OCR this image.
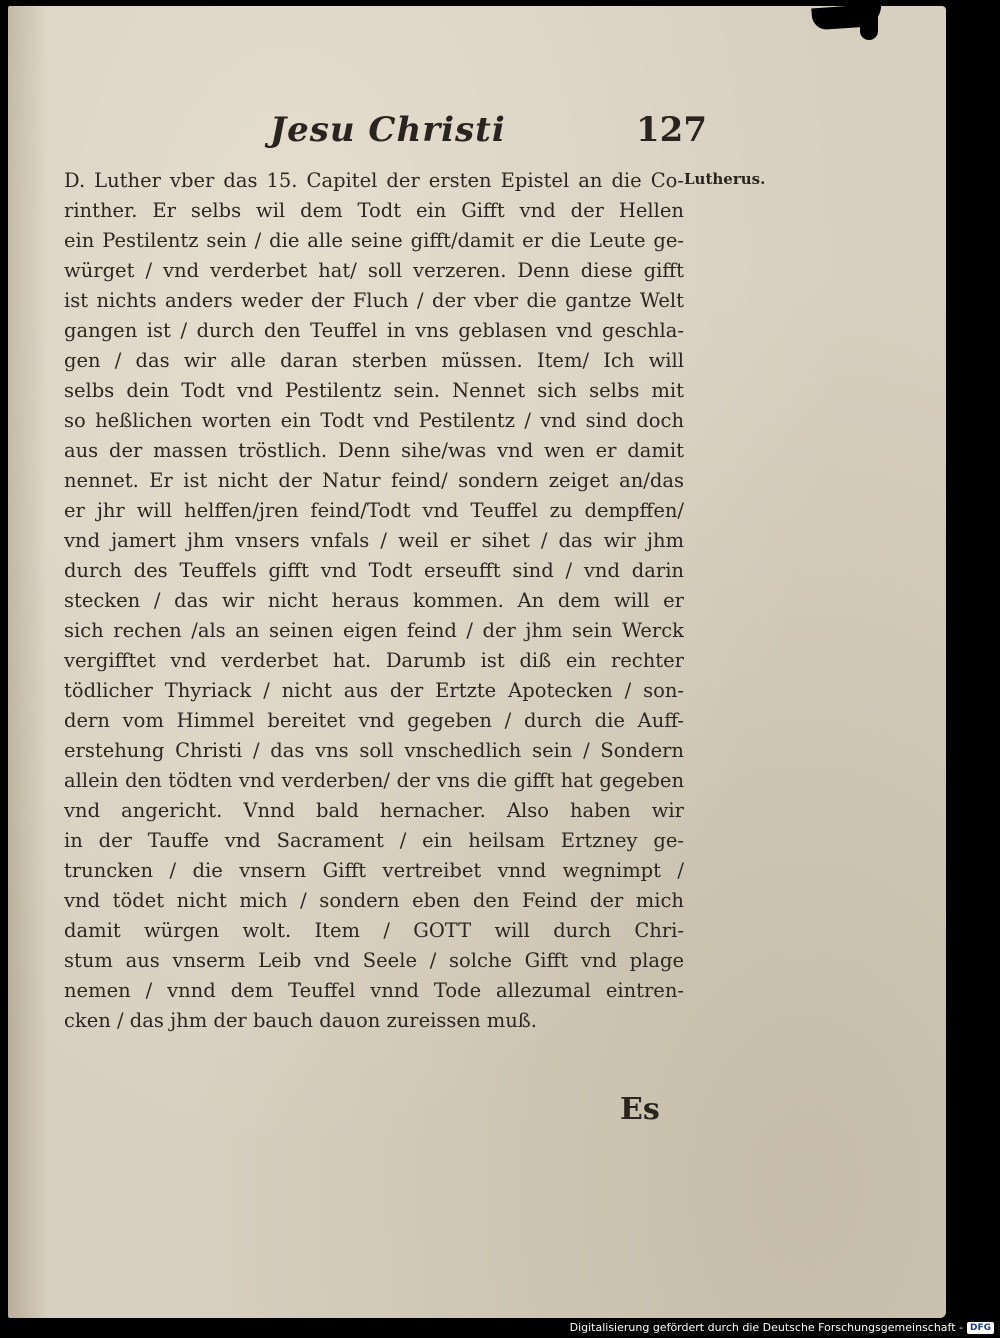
Jesu Christi	127
Lutherus.
D. Luther vber das 15. Capitel der ersten Epistel an die Co-
rinther. Er selbs wil dem Todt ein Gifft vnd der Hellen
ein Pestilentz sein / die alle seine gifft/damit er die Leute ge-
würget / vnd verderbet hat/ soll verzeren. Denn diese gifft
ist nichts anders weder der Fluch / der vber die gantze Welt
gangen ist / durch den Teuffel in vns geblasen vnd geschla-
gen / das wir alle daran sterben müssen. Item/ Ich will
selbs dein Todt vnd Pestilentz sein. Nennet sich selbs mit
so heßlichen worten ein Todt vnd Pestilentz / vnd sind doch
aus der massen tröstlich. Denn sihe/was vnd wen er damit
nennet. Er ist nicht der Natur feind/ sondern zeiget an/das
er jhr will helffen/jren feind/Todt vnd Teuffel zu dempffen/
vnd jamert jhm vnsers vnfals / weil er sihet / das wir jhm
durch des Teuffels gifft vnd Todt erseufft sind / vnd darin
stecken / das wir nicht heraus kommen. An dem will er
sich rechen /als an seinen eigen feind / der jhm sein Werck
vergifftet vnd verderbet hat. Darumb ist diß ein rechter
tödlicher Thyriack / nicht aus der Ertzte Apotecken / son-
dern vom Himmel bereitet vnd gegeben / durch die Auff-
erstehung Christi / das vns soll vnschedlich sein / Sondern
allein den tödten vnd verderben/ der vns die gifft hat gegeben
vnd angericht. Vnnd bald hernacher. Also haben wir
in der Tauffe vnd Sacrament / ein heilsam Ertzney ge-
truncken / die vnsern Gifft vertreibet vnnd wegnimpt /
vnd tödet nicht mich / sondern eben den Feind der mich
damit würgen wolt. Item / GOTT will durch Chri-
stum aus vnserm Leib vnd Seele / solche Gifft vnd plage
nemen / vnnd dem Teuffel vnnd Tode allezumal eintren-
cken / das jhm der bauch dauon zureissen muß.
Es
Digitalisierung gefördert durch die Deutsche Forschungsgemeinschaft - DFG
